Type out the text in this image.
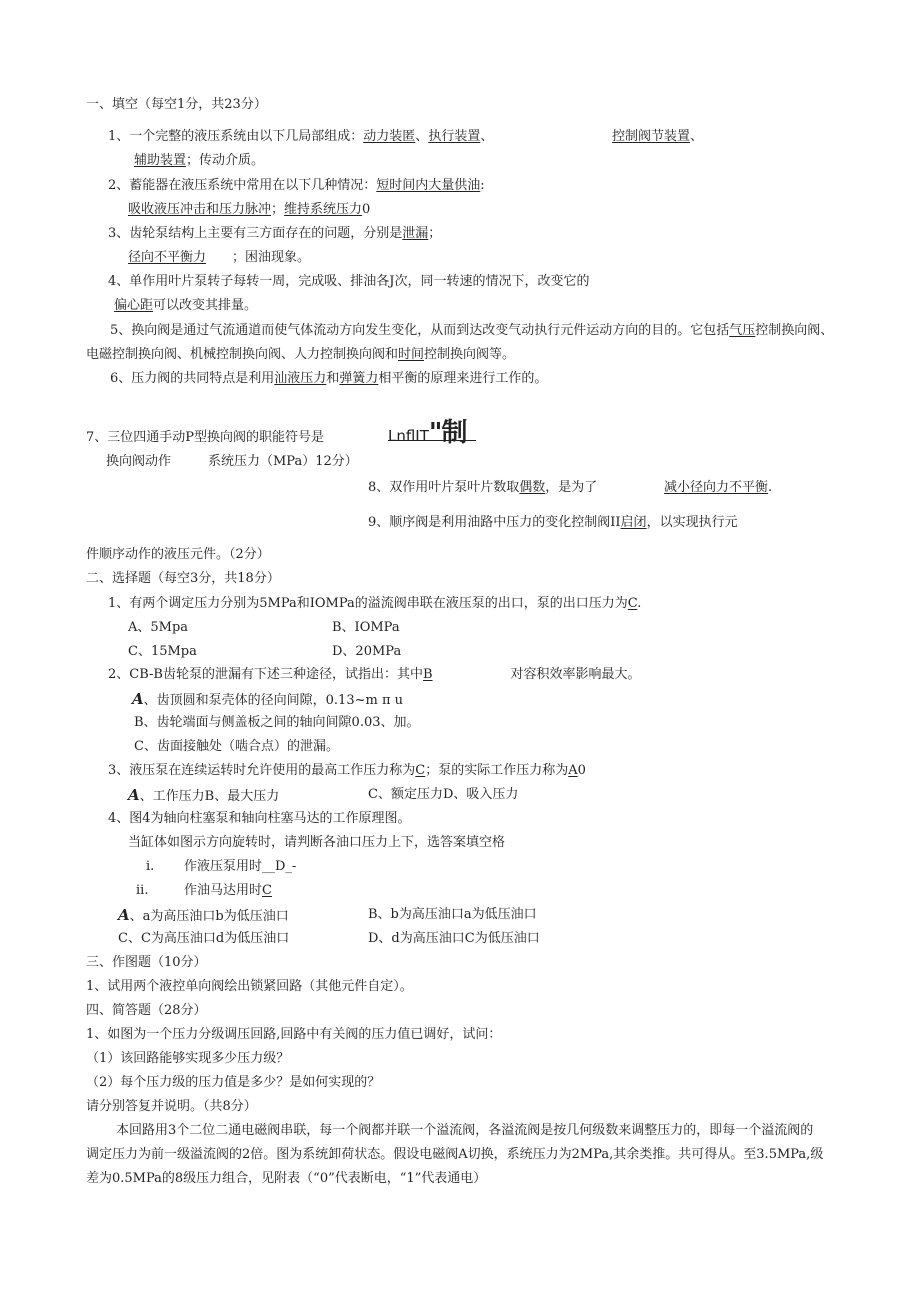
一、填空（每空1分，共23分）
1、一个完整的液压系统由以下几局部组成：动力装匿、执行装置、	控制阀节装置、
辅助装置；传动介质。
2、蓄能器在液压系统中常用在以下几种情况：短时间内大量供油:
吸收液压冲击和压力脉冲；维持系统压力0
3、齿轮泵结构上主要有三方面存在的问题，分别是泄漏；
径向不平衡力 ；困油现象。
4、单作用叶片泵转子每转一周，完成吸、排油各J次，同一转速的情况下，改变它的
偏心距可以改变其排量。
5、换向阀是通过气流通道而使气体流动方向发生变化，从而到达改变气动执行元件运动方向的目的。它包括气压控制换向阀、
电磁控制换向阀、机械控制换向阀、人力控制换向阀和时间控制换向阀等。
6、压力阀的共同特点是利用汕液压力和弹簧力相平衡的原理来进行工作的。
7、三位四通手动P型换向阀的职能符号是	LnflIT"制
换向阀动作	系统压力（MPa）12分）
8、双作用叶片泵叶片数取偶数，是为了	减小径向力不平衡.
9、顺序阀是利用油路中压力的变化控制阀II启闭，以实现执行元
件顺序动作的液压元件。（2分）
二、选择题（每空3分，共18分）
1、有两个调定压力分别为5MPa和IOMPa的溢流阀串联在液压泵的出口，泵的出口压力为C.
A、5Mpa	B、IOMPa
C、15Mpa	D、20MPa
2、CB-B齿轮泵的泄漏有下述三种途径，试指出：其中B	对容积效率影响最大。
A、齿顶圆和泵壳体的径向间隙，0.13~m π u
B、齿轮端面与侧盖板之间的轴向间隙0.03、加。
C、齿面接触处（啮合点）的泄漏。
3、液压泵在连续运转时允许使用的最高工作压力称为C；泵的实际工作压力称为A0
A、工作压力B、最大压力	C、额定压力D、吸入压力
4、图4为轴向柱塞泵和轴向柱塞马达的工作原理图。
当缸体如图示方向旋转时，请判断各油口压力上下，选答案填空格
i. 作液压泵用时__D_-
ii.	作油马达用时C
A、a为高压油口b为低压油口	B、b为高压油口a为低压油口
C、C为高压油口d为低压油口	D、d为高压油口C为低压油口
三、作图题（10分）
1、试用两个液控单向阀绘出锁紧回路（其他元件自定）。
四、简答题（28分）
1、如图为一个压力分级调压回路,回路中有关阀的压力值已调好，试问：
（1）该回路能够实现多少压力级？
（2）每个压力级的压力值是多少？是如何实现的？
请分别答复并说明。（共8分）
本回路用3个二位二通电磁阀串联，每一个阀都并联一个溢流阀，各溢流阀是按几何级数来调整压力的，即每一个溢流阀的
调定压力为前一级溢流阀的2倍。图为系统卸荷状态。假设电磁阀A切换，系统压力为2MPa,其余类推。共可得从。至3.5MPa,级
差为0.5MPa的8级压力组合，见附表（“0”代表断电，“1”代表通电）
